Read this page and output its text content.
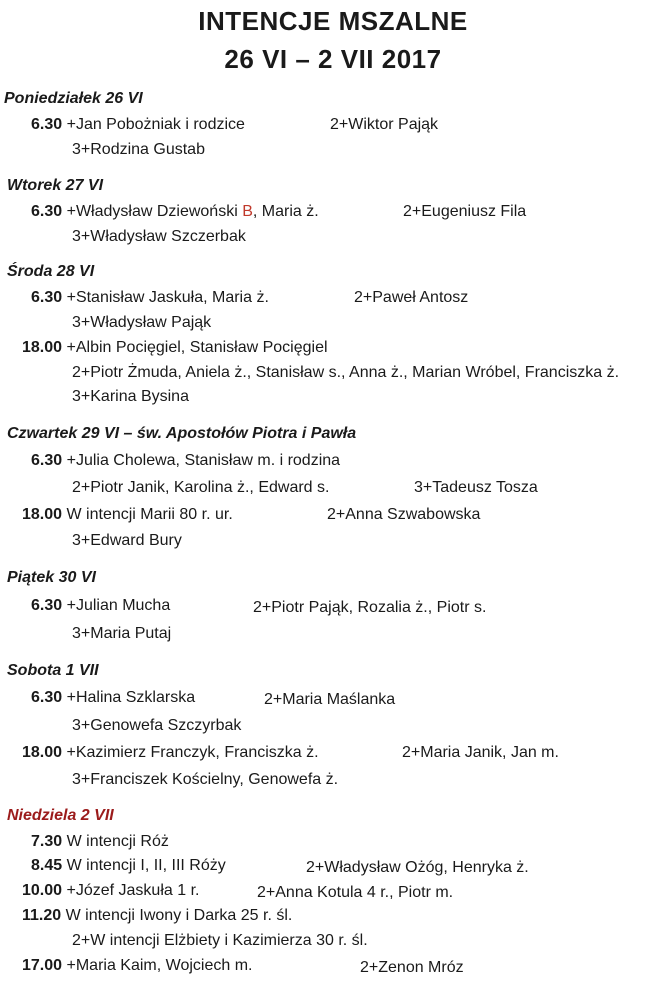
INTENCJE MSZALNE
26 VI – 2 VII 2017
Poniedziałek 26 VI
6.30 +Jan Pobożniak i rodzice	2+Wiktor Pająk
3+Rodzina Gustab
Wtorek 27 VI
6.30 +Władysław Dziewoński B, Maria ż.	2+Eugeniusz Fila
3+Władysław Szczerbak
Środa 28 VI
6.30 +Stanisław Jaskuła, Maria ż.	2+Paweł Antosz
3+Władysław Pająk
18.00 +Albin Pocięgiel, Stanisław Pocięgiel
2+Piotr Żmuda, Aniela ż., Stanisław s., Anna ż., Marian Wróbel, Franciszka ż.
3+Karina Bysina
Czwartek 29 VI – św. Apostołów Piotra i Pawła
6.30 +Julia Cholewa, Stanisław m. i rodzina
2+Piotr Janik, Karolina ż., Edward s.	3+Tadeusz Tosza
18.00 W intencji Marii 80 r. ur.	2+Anna Szwabowska
3+Edward Bury
Piątek 30 VI
6.30 +Julian Mucha	2+Piotr Pająk, Rozalia ż., Piotr s.
3+Maria Putaj
Sobota 1 VII
6.30 +Halina Szklarska	2+Maria Maślanka
3+Genowefa Szczyrbak
18.00 +Kazimierz Franczyk, Franciszka ż.	2+Maria Janik, Jan m.
3+Franciszek Kościelny, Genowefa ż.
Niedziela 2 VII
7.30 W intencji Róż
8.45 W intencji I, II, III Róży	2+Władysław Ożóg, Henryka ż.
10.00 +Józef Jaskuła 1 r.	2+Anna Kotula 4 r., Piotr m.
11.20 W intencji Iwony i Darka 25 r. śl.
2+W intencji Elżbiety i Kazimierza 30 r. śl.
17.00 +Maria Kaim, Wojciech m.	2+Zenon Mróz
